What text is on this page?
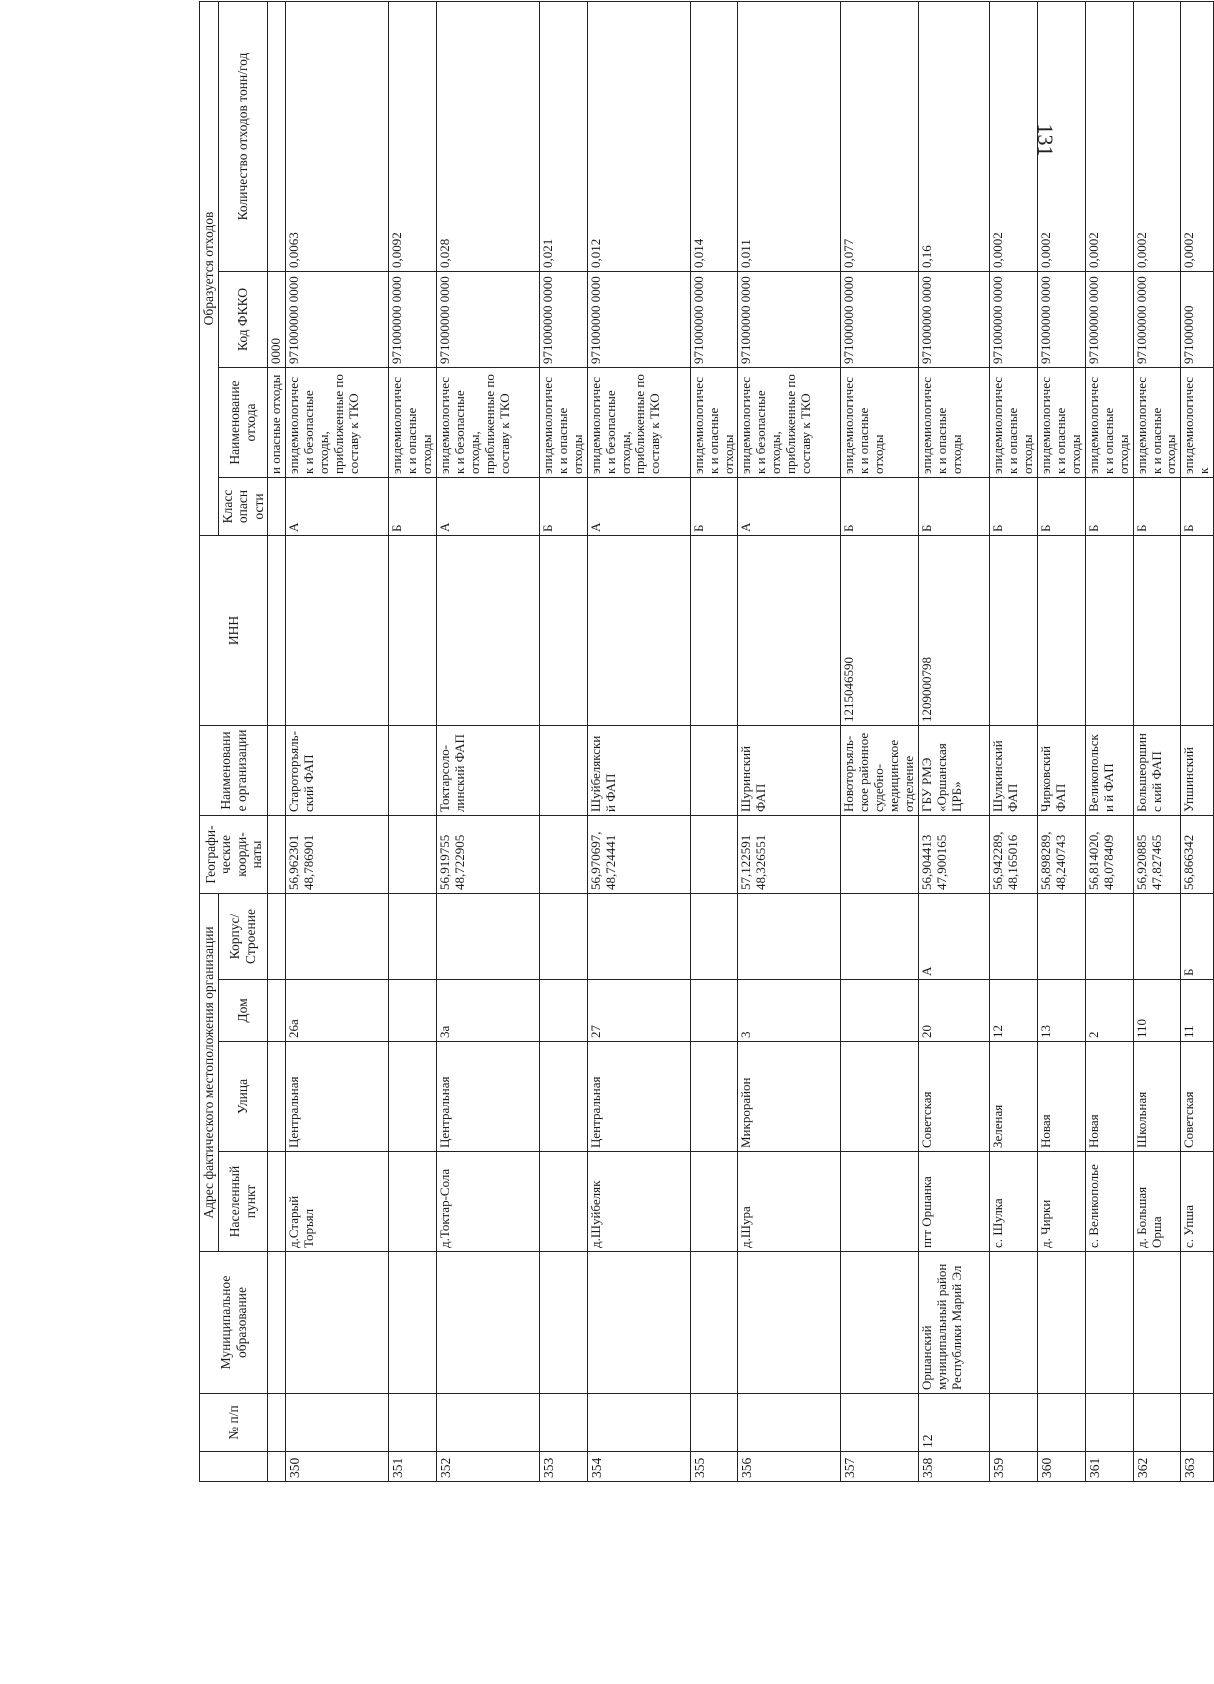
131
	№ п/п	Муниципальное образование	Адрес фактического местоположения организации				Географи-ческие коорди-наты	Наименование организации	ИНН	Образуется отходов			
			Населенный пункт	Улица	Дом	Корпус/ Строение				Класс опасн ости	Наименование отхода	Код ФККО	Количество отходов тонн/год
											и опасные отходы	0000	
350			д.Старый Торъял	Центральная	26а		56,962301 48,786901	Староторъяль-ский ФАП		А	эпидемиологическ и безопасные отходы, приближенные по составу к ТКО	971000000 0000	0,0063
351										Б	эпидемиологическ и опасные отходы	971000000 0000	0,0092
352			д.Токтар-Сола	Центральная	3а		56,919755 48,722905	Токтарсоло-линский ФАП		А	эпидемиологическ и безопасные отходы, приближенные по составу к ТКО	971000000 0000	0,028
353										Б	эпидемиологическ и опасные отходы	971000000 0000	0,021
354			д.Шуйбеляк	Центральная	27		56,970697, 48,724441	Шуйбелякский ФАП		А	эпидемиологическ и безопасные отходы, приближенные по составу к ТКО	971000000 0000	0,012
355										Б	эпидемиологическ и опасные отходы	971000000 0000	0,014
356			д.Шура	Микрорайон	3		57,122591 48,326551	Шуринский ФАП		А	эпидемиологическ и безопасные отходы, приближенные по составу к ТКО	971000000 0000	0,011
357								Новоторъяль-ское районное судебно-медицинское отделение	1215046590	Б	эпидемиологическ и опасные отходы	971000000 0000	0,077
358	12	Оршанский муниципальный район Республики Марий Эл	пгт Оршанка	Советская	20	А	56,904413 47,900165	ГБУ РМЭ «Оршанская ЦРБ»	1209000798	Б	эпидемиологическ и опасные отходы	971000000 0000	0,16
359			с. Шулка	Зеленая	12		56,942289, 48,165016	Шулкинский ФАП		Б	эпидемиологическ и опасные отходы	971000000 0000	0,0002
360			д. Чирки	Новая	13		56,898289, 48,240743	Чирковский ФАП		Б	эпидемиологическ и опасные отходы	971000000 0000	0,0002
361			с. Великополье	Новая	2		56,814020, 48,078409	Великопольски й ФАП		Б	эпидемиологическ и опасные отходы	971000000 0000	0,0002
362			д. Большая Орша	Школьная	110		56,920885 47,827465	Большеоршинс кий ФАП		Б	эпидемиологическ и опасные отходы	971000000 0000	0,0002
363			с. Упша	Советская	11	Б	56,866342	Упшинский		Б	эпидемиологическ	971000000	0,0002
